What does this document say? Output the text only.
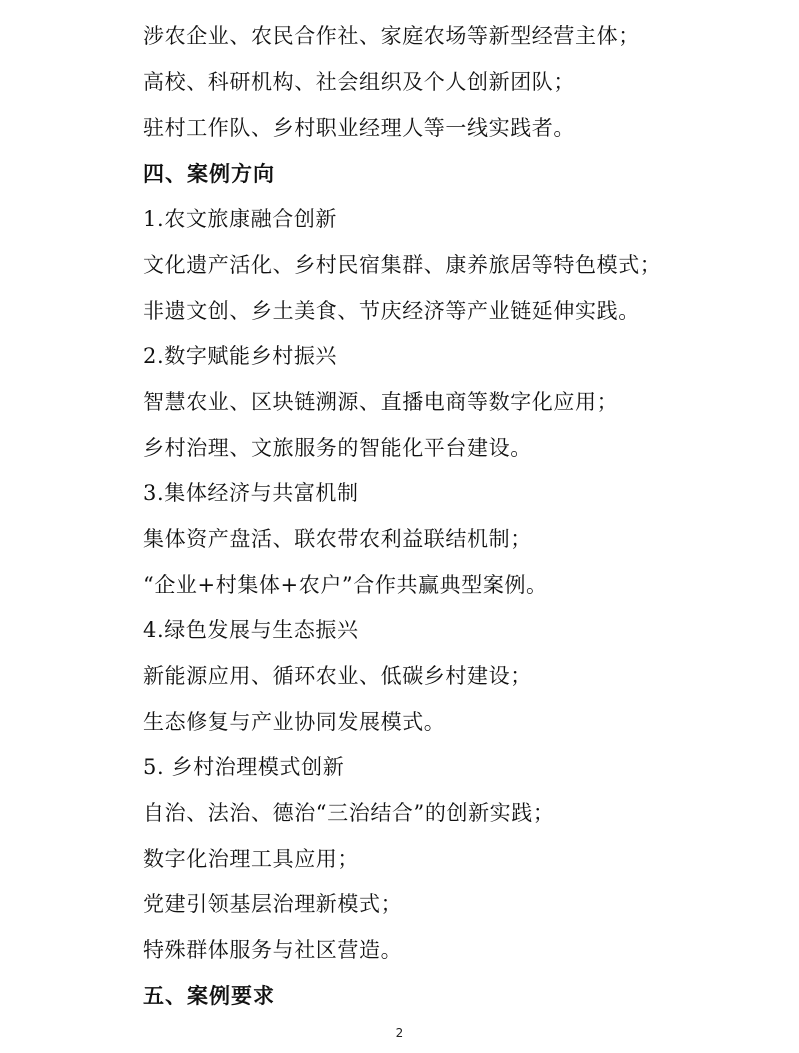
涉农企业、农民合作社、家庭农场等新型经营主体；
高校、科研机构、社会组织及个人创新团队；
驻村工作队、乡村职业经理人等一线实践者。
四、案例方向
1.农文旅康融合创新
文化遗产活化、乡村民宿集群、康养旅居等特色模式；
非遗文创、乡土美食、节庆经济等产业链延伸实践。
2.数字赋能乡村振兴
智慧农业、区块链溯源、直播电商等数字化应用；
乡村治理、文旅服务的智能化平台建设。
3.集体经济与共富机制
集体资产盘活、联农带农利益联结机制；
“企业+村集体+农户”合作共赢典型案例。
4.绿色发展与生态振兴
新能源应用、循环农业、低碳乡村建设；
生态修复与产业协同发展模式。
5. 乡村治理模式创新
自治、法治、德治“三治结合”的创新实践；
数字化治理工具应用；
党建引领基层治理新模式；
特殊群体服务与社区营造。
五、案例要求
2
